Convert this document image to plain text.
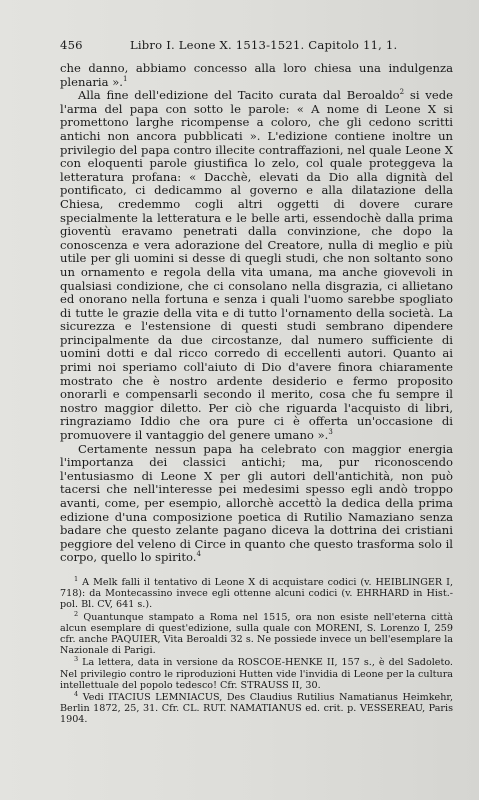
456	Libro I. Leone X. 1513-1521. Capitolo 11, 1.

che danno, abbiamo concesso alla loro chiesa una indulgenza plenaria ».$^1$

Alla fine dell'edizione del Tacito curata dal Beroaldo$^2$ si vede l'arma del papa con sotto le parole: « A nome di Leone X si promettono larghe ricompense a coloro, che gli cedono scritti antichi non ancora pubblicati ». L'edizione contiene inoltre un privilegio del papa contro illecite contraffazioni, nel quale Leone X con eloquenti parole giustifica lo zelo, col quale proteggeva la letteratura profana: « Dacchè, elevati da Dio alla dignità del pontificato, ci dedicammo al governo e alla dilatazione della Chiesa, credemmo cogli altri oggetti di dovere curare specialmente la letteratura e le belle arti, essendochè dalla prima gioventù eravamo penetrati dalla convinzione, che dopo la conoscenza e vera adorazione del Creatore, nulla di meglio e più utile per gli uomini si desse di quegli studi, che non soltanto sono un ornamento e regola della vita umana, ma anche giovevoli in qualsiasi condizione, che ci consolano nella disgrazia, ci allietano ed onorano nella fortuna e senza i quali l'uomo sarebbe spogliato di tutte le grazie della vita e di tutto l'ornamento della società. La sicurezza e l'estensione di questi studi sembrano dipendere principalmente da due circostanze, dal numero sufficiente di uomini dotti e dal ricco corredo di eccellenti autori. Quanto ai primi noi speriamo coll'aiuto di Dio d'avere finora chiaramente mostrato che è nostro ardente desiderio e fermo proposito onorarli e compensarli secondo il merito, cosa che fu sempre il nostro maggior diletto. Per ciò che riguarda l'acquisto di libri, ringraziamo Iddio che ora pure ci è offerta un'occasione di promuovere il vantaggio del genere umano ».$^3$

Certamente nessun papa ha celebrato con maggior energia l'importanza dei classici antichi; ma, pur riconoscendo l'entusiasmo di Leone X per gli autori dell'antichità, non può tacersi che nell'interesse pei medesimi spesso egli andò troppo avanti, come, per esempio, allorchè accettò la dedica della prima edizione d'una composizione poetica di Rutilio Namaziano senza badare che questo zelante pagano diceva la dottrina dei cristiani peggiore del veleno di Circe in quanto che questo trasforma solo il corpo, quello lo spirito.$^4$

$^1$ A Melk falli il tentativo di Leone X di acquistare codici (v. HEIBLINGER I, 718): da Montecassino invece egli ottenne alcuni codici (v. EHRHARD in Hist.-pol. Bl. CV, 641 s.).

$^2$ Quantunque stampato a Roma nel 1515, ora non esiste nell'eterna città alcun esemplare di quest'edizione, sulla quale con MORENI, S. Lorenzo I, 259 cfr. anche PAQUIER, Vita Beroaldi 32 s. Ne possiede invece un bell'esemplare la Nazionale di Parigi.

$^3$ La lettera, data in versione da ROSCOE-HENKE II, 157 s., è del Sadoleto. Nel privilegio contro le riproduzioni Hutten vide l'invidia di Leone per la cultura intellettuale del popolo tedesco! Cfr. STRAUSS II, 30.

$^4$ Vedi ITACIUS LEMNIACUS, Des Claudius Rutilius Namatianus Heimkehr, Berlin 1872, 25, 31. Cfr. CL. RUT. NAMATIANUS ed. crit. p. VESSEREAU, Paris 1904.
